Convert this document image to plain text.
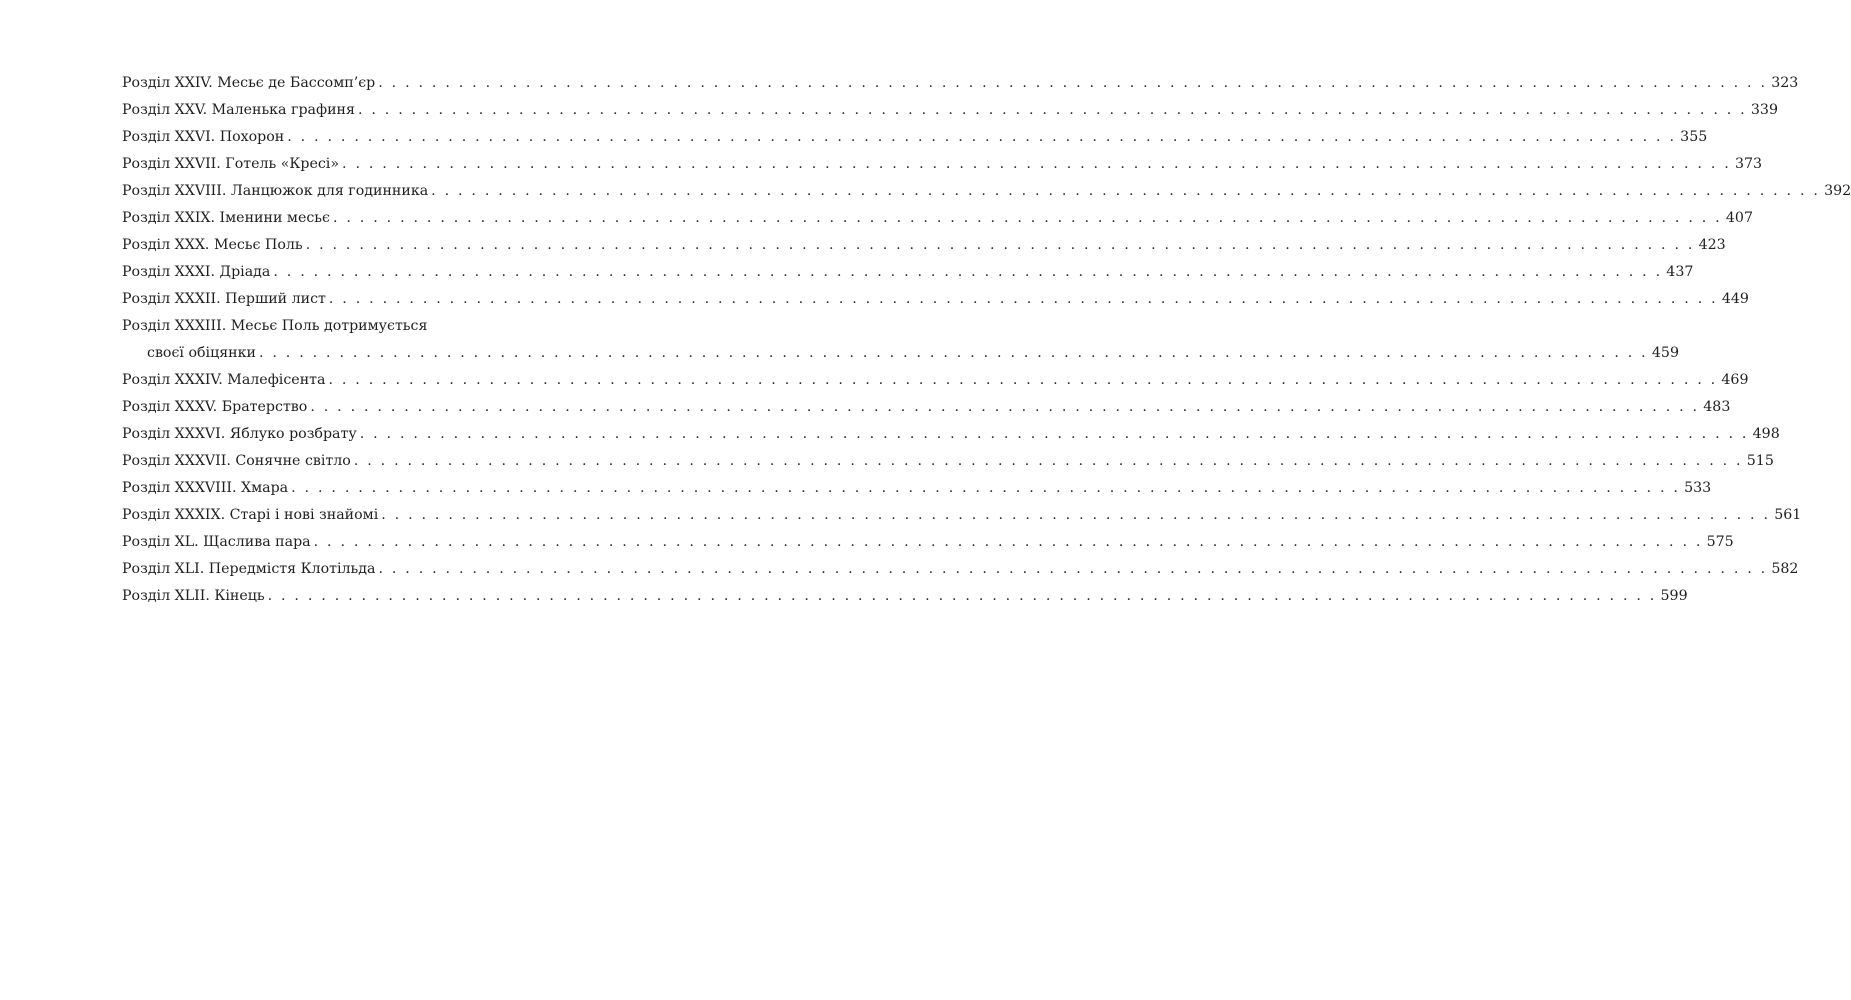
Розділ XXIV. Месьє де Бассомп’єр . . .	323
Розділ XXV. Маленька графиня . . .	339
Розділ XXVI. Похорон . . .	355
Розділ XXVII. Готель «Кресі» . . .	373
Розділ XXVIII. Ланцюжок для годинника . . .	392
Розділ XXIX. Іменини месьє . . .	407
Розділ XXX. Месьє Поль . . .	423
Розділ XXXI. Дріада . . .	437
Розділ XXXII. Перший лист . . .	449
Розділ XXXIII. Месьє Поль дотримується
своєї обіцянки . . .	459
Розділ XXXIV. Малефісента . . .	469
Розділ XXXV. Братерство . . .	483
Розділ XXXVI. Яблуко розбрату . . .	498
Розділ XXXVII. Сонячне світло . . .	515
Розділ XXXVIII. Хмара . . .	533
Розділ XXXIX. Старі і нові знайомі . . .	561
Розділ XL. Щаслива пара . . .	575
Розділ XLI. Передмістя Клотільда . . .	582
Розділ XLII. Кінець . . .	599
